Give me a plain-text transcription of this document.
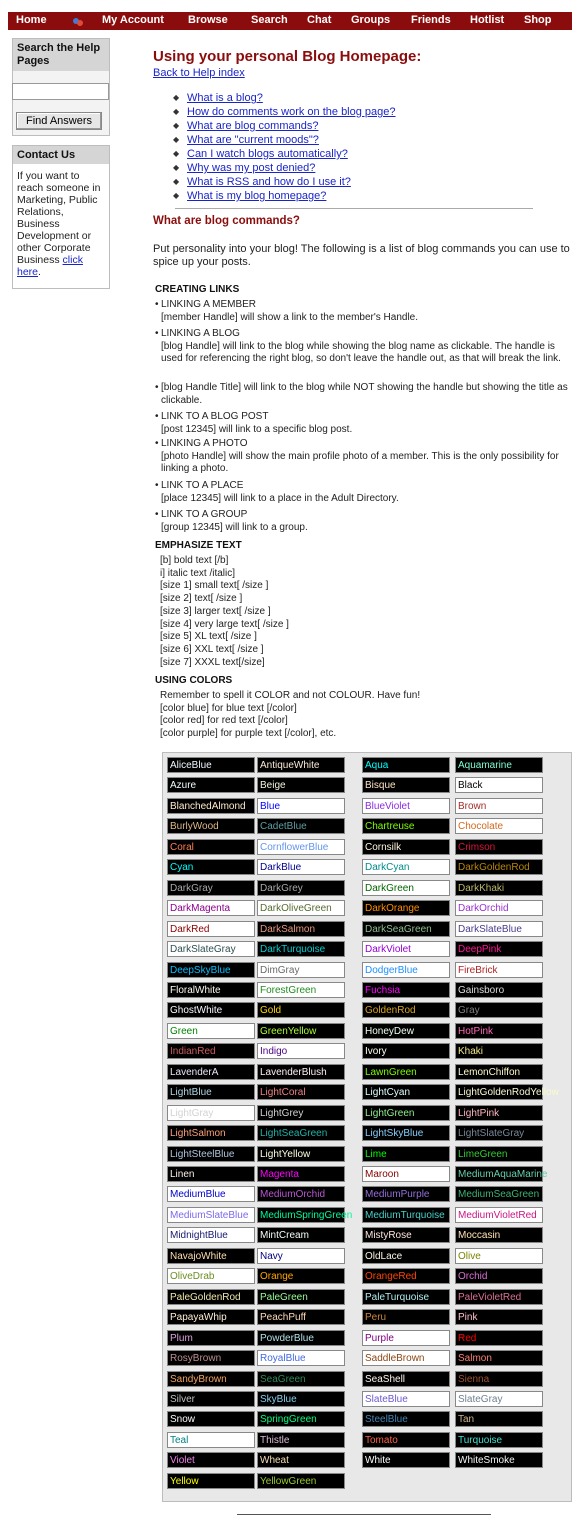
Home	My Account Browse Search Chat Groups Friends Hotlist Shop
Search the Help Pages
Find Answers
Contact Us
If you want to reach someone in Marketing, Public Relations, Business Development or other Corporate Business click here.
Using your personal Blog Homepage:
Back to Help index
◆ What is a blog?
◆ How do comments work on the blog page?
◆ What are blog commands?
◆ What are "current moods"?
◆ Can I watch blogs automatically?
◆ Why was my post denied?
◆ What is RSS and how do I use it?
◆ What is my blog homepage?
What are blog commands?
Put personality into your blog! The following is a list of blog commands you can use to spice up your posts.
CREATING LINKS
• LINKING A MEMBER
[member Handle] will show a link to the member's Handle.
• LINKING A BLOG
[blog Handle] will link to the blog while showing the blog name as clickable. The handle is used for referencing the right blog, so don't leave the handle out, as that will break the link.
• [blog Handle Title] will link to the blog while NOT showing the handle but showing the title as clickable.
• LINK TO A BLOG POST
[post 12345] will link to a specific blog post.
• LINKING A PHOTO
[photo Handle] will show the main profile photo of a member. This is the only possibility for linking a photo.
• LINK TO A PLACE
[place 12345] will link to a place in the Adult Directory.
• LINK TO A GROUP
[group 12345] will link to a group.
EMPHASIZE TEXT
[b] bold text [/b]
i] italic text /italic]
[size 1] small text[ /size ]
[size 2] text[ /size ]
[size 3] larger text[ /size ]
[size 4] very large text[ /size ]
[size 5] XL text[ /size ]
[size 6] XXL text[ /size ]
[size 7] XXXL text[/size]
USING COLORS
Remember to spell it COLOR and not COLOUR. Have fun!
[color blue] for blue text [/color]
[color red] for red text [/color]
[color purple] for purple text [/color], etc.
AliceBlue	AntiqueWhite	Aqua	Aquamarine
Azure	Beige	Bisque	Black
BlanchedAlmond	Blue	BlueViolet	Brown
BurlyWood	CadetBlue	Chartreuse	Chocolate
Coral	CornflowerBlue	Cornsilk	Crimson
Cyan	DarkBlue	DarkCyan	DarkGoldenRod
DarkGray	DarkGrey	DarkGreen	DarkKhaki
DarkMagenta	DarkOliveGreen	DarkOrange	DarkOrchid
DarkRed	DarkSalmon	DarkSeaGreen	DarkSlateBlue
DarkSlateGray	DarkTurquoise	DarkViolet	DeepPink
DeepSkyBlue	DimGray	DodgerBlue	FireBrick
FloralWhite	ForestGreen	Fuchsia	Gainsboro
GhostWhite	Gold	GoldenRod	Gray
Green	GreenYellow	HoneyDew	HotPink
IndianRed	Indigo	Ivory	Khaki
LavenderA	LavenderBlush	LawnGreen	LemonChiffon
LightBlue	LightCoral	LightCyan	LightGoldenRodYellow
LightGray	LightGrey	LightGreen	LightPink
LightSalmon	LightSeaGreen	LightSkyBlue	LightSlateGray
LightSteelBlue	LightYellow	Lime	LimeGreen
Linen	Magenta	Maroon	MediumAquaMarine
MediumBlue	MediumOrchid	MediumPurple	MediumSeaGreen
MediumSlateBlue	MediumSpringGreen	MediumTurquoise	MediumVioletRed
MidnightBlue	MintCream	MistyRose	Moccasin
NavajoWhite	Navy	OldLace	Olive
OliveDrab	Orange	OrangeRed	Orchid
PaleGoldenRod	PaleGreen	PaleTurquoise	PaleVioletRed
PapayaWhip	PeachPuff	Peru	Pink
Plum	PowderBlue	Purple	Red
RosyBrown	RoyalBlue	SaddleBrown	Salmon
SandyBrown	SeaGreen	SeaShell	Sienna
Silver	SkyBlue	SlateBlue	SlateGray
Snow	SpringGreen	SteelBlue	Tan
Teal	Thistle	Tomato	Turquoise
Violet	Wheat	White	WhiteSmoke
Yellow	YellowGreen
